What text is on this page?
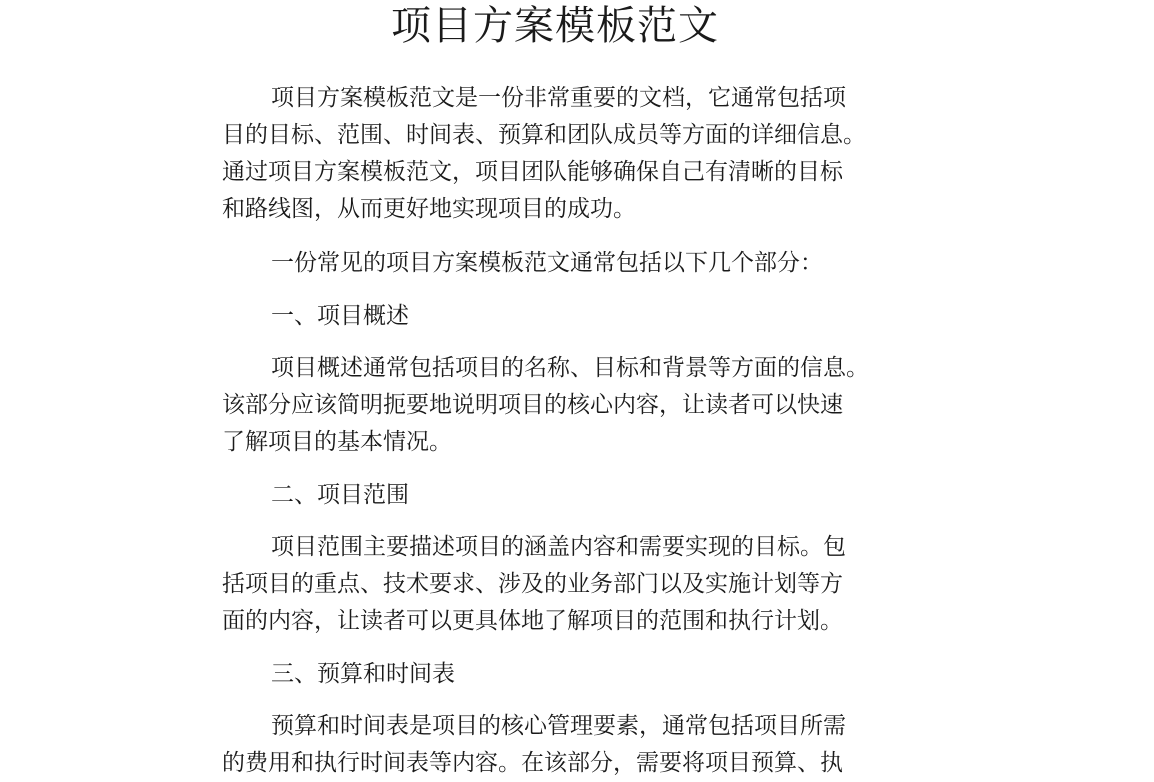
项目方案模板范文
项目方案模板范文是一份非常重要的文档，它通常包括项
目的目标、范围、时间表、预算和团队成员等方面的详细信息。
通过项目方案模板范文，项目团队能够确保自己有清晰的目标
和路线图，从而更好地实现项目的成功。
一份常见的项目方案模板范文通常包括以下几个部分：
一、项目概述
项目概述通常包括项目的名称、目标和背景等方面的信息。
该部分应该简明扼要地说明项目的核心内容，让读者可以快速
了解项目的基本情况。
二、项目范围
项目范围主要描述项目的涵盖内容和需要实现的目标。包
括项目的重点、技术要求、涉及的业务部门以及实施计划等方
面的内容，让读者可以更具体地了解项目的范围和执行计划。
三、预算和时间表
预算和时间表是项目的核心管理要素，通常包括项目所需
的费用和执行时间表等内容。在该部分，需要将项目预算、执
